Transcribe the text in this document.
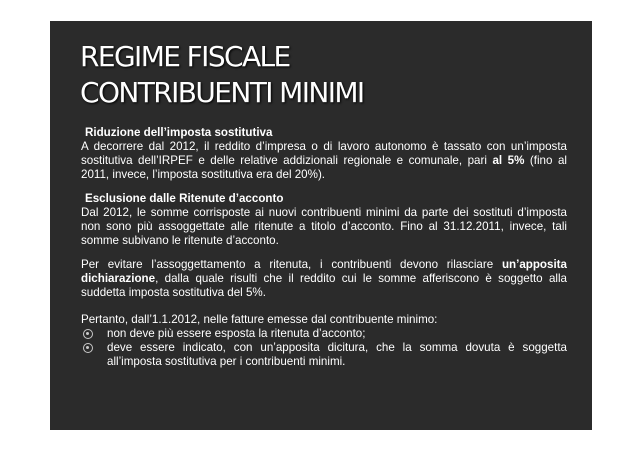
REGIME FISCALE
CONTRIBUENTI MINIMI

Riduzione dell’imposta sostitutiva

A decorrere dal 2012, il reddito d’impresa o di lavoro autonomo è tassato con un’imposta sostitutiva dell’IRPEF e delle relative addizionali regionale e comunale, pari al 5% (fino al 2011, invece, l’imposta sostitutiva era del 20%).

Esclusione dalle Ritenute d’acconto

Dal 2012, le somme corrisposte ai nuovi contribuenti minimi da parte dei sostituti d’imposta non sono più assoggettate alle ritenute a titolo d’acconto. Fino al 31.12.2011, invece, tali somme subivano le ritenute d’acconto.

Per evitare l’assoggettamento a ritenuta, i contribuenti devono rilasciare un’apposita dichiarazione, dalla quale risulti che il reddito cui le somme afferiscono è soggetto alla suddetta imposta sostitutiva del 5%.

Pertanto, dall’1.1.2012, nelle fatture emesse dal contribuente minimo:

non deve più essere esposta la ritenuta d’acconto;
deve essere indicato, con un’apposita dicitura, che la somma dovuta è soggetta all’imposta sostitutiva per i contribuenti minimi.
